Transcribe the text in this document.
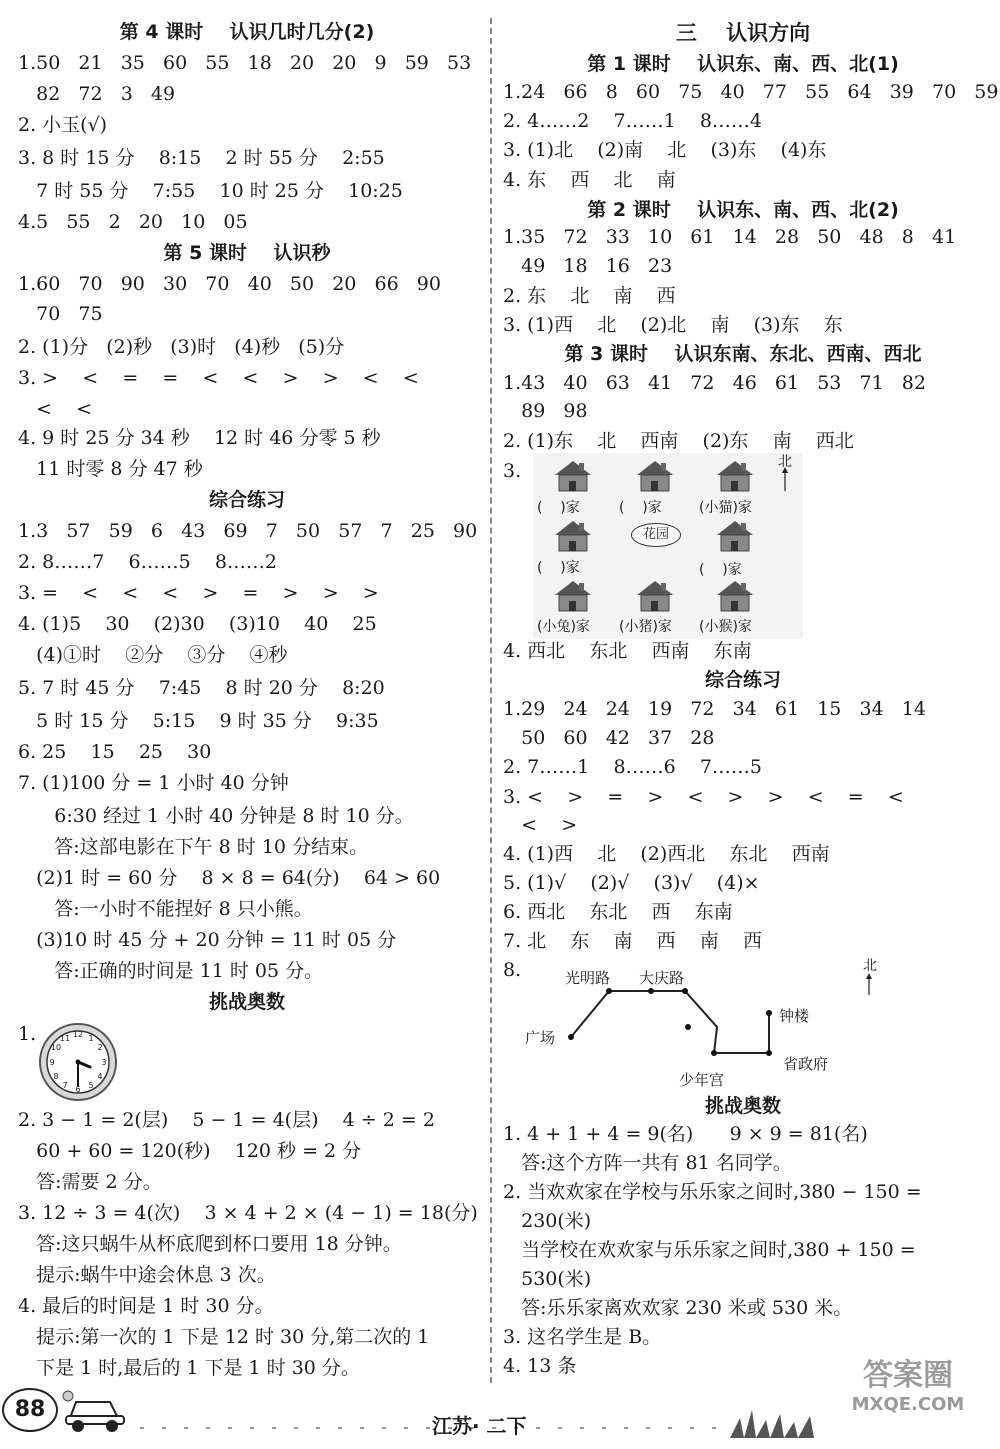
第 4 课时    认识几时几分(2)
1.50   21   35   60   55   18   20   20   9   59   53
82   72   3   49
2. 小玉(√)
3. 8 时 15 分    8:15    2 时 55 分    2:55
7 时 55 分    7:55    10 时 25 分    10:25
4.5   55   2   20   10   05
第 5 课时    认识秒
1.60   70   90   30   70   40   50   20   66   90
70   75
2. (1)分   (2)秒   (3)时   (4)秒   (5)分
3. >    <    =    =    <    <    >    >    <    <
<    <
4. 9 时 25 分 34 秒    12 时 46 分零 5 秒
11 时零 8 分 47 秒
综合练习
1.3   57   59   6   43   69   7   50   57   7   25   90
2. 8……7    6……5    8……2
3. =    <    <    <    >    =    >    >    >
4. (1)5    30    (2)30    (3)10    40    25
(4)①时    ②分    ③分    ④秒
5. 7 时 45 分    7:45    8 时 20 分    8:20
5 时 15 分    5:15    9 时 35 分    9:35
6. 25    15    25    30
7. (1)100 分 = 1 小时 40 分钟
6:30 经过 1 小时 40 分钟是 8 时 10 分。
答:这部电影在下午 8 时 10 分结束。
(2)1 时 = 60 分    8 × 8 = 64(分)    64 > 60
答:一小时不能捏好 8 只小熊。
(3)10 时 45 分 + 20 分钟 = 11 时 05 分
答:正确的时间是 11 时 05 分。
挑战奥数
1.	12 1
2
3
4
5
6
7
8
9
10
11
2. 3 − 1 = 2(层)    5 − 1 = 4(层)    4 ÷ 2 = 2
60 + 60 = 120(秒)    120 秒 = 2 分
答:需要 2 分。
3. 12 ÷ 3 = 4(次)    3 × 4 + 2 × (4 − 1) = 18(分)
答:这只蜗牛从杯底爬到杯口要用 18 分钟。
提示:蜗牛中途会休息 3 次。
4. 最后的时间是 1 时 30 分。
提示:第一次的 1 下是 12 时 30 分,第二次的 1
下是 1 时,最后的 1 下是 1 时 30 分。
三    认识方向
第 1 课时    认识东、南、西、北(1)
1.24   66   8   60   75   40   77   55   64   39   70   59
2. 4……2    7……1    8……4
3. (1)北    (2)南    北    (3)东    (4)东
4. 东    西    北    南
第 2 课时    认识东、南、西、北(2)
1.35   72   33   10   61   14   28   50   48   8   41
49   18   16   23
2. 东    北    南    西
3. (1)西    北    (2)北    南    (3)东    东
第 3 课时    认识东南、东北、西南、西北
1.43   40   63   41   72   46   61   53   71   82
89   98
2. (1)东    北    西南    (2)东    南    西北
3.	北
花园
(    )家	(    )家	(小猫)家
(    )家	(    )家
(小兔)家 (小猪)家 (小猴)家
4. 西北    东北    西南    东南
综合练习
1.29   24   24   19   72   34   61   15   34   14
50   60   42   37   28
2. 7……1    8……6    7……5
3. <    >    =    >    <    >    >    <    =    <
<    >
4. (1)西    北    (2)西北    东北    西南
5. (1)√    (2)√    (3)√    (4)×
6. 西北    东北    西    东南
7. 北    东    南    西    南    西
8.	北
光明路 大庆路
钟楼
广场
省政府
少年宫
挑战奥数
1. 4 + 1 + 4 = 9(名)      9 × 9 = 81(名)
答:这个方阵一共有 81 名同学。
2. 当欢欢家在学校与乐乐家之间时,380 − 150 =
230(米)
当学校在欢欢家与乐乐家之间时,380 + 150 =
530(米)
答:乐乐家离欢欢家 230 米或 530 米。
3. 这名学生是 B。
4. 13 条
88
江苏· 二下
答案圈
MXQE.COM
